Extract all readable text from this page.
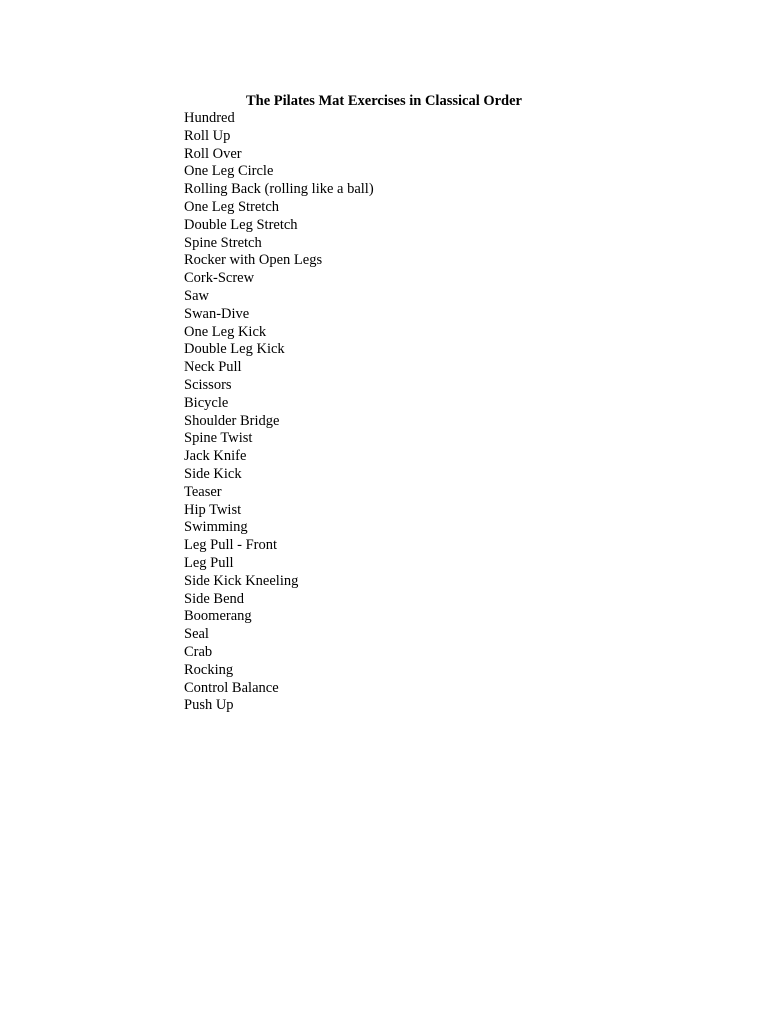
The Pilates Mat Exercises in Classical Order
Hundred
Roll Up
Roll Over
One Leg Circle
Rolling Back (rolling like a ball)
One Leg Stretch
Double Leg Stretch
Spine Stretch
Rocker with Open Legs
Cork-Screw
Saw
Swan-Dive
One Leg Kick
Double Leg Kick
Neck Pull
Scissors
Bicycle
Shoulder Bridge
Spine Twist
Jack Knife
Side Kick
Teaser
Hip Twist
Swimming
Leg Pull - Front
Leg Pull
Side Kick Kneeling
Side Bend
Boomerang
Seal
Crab
Rocking
Control Balance
Push Up
